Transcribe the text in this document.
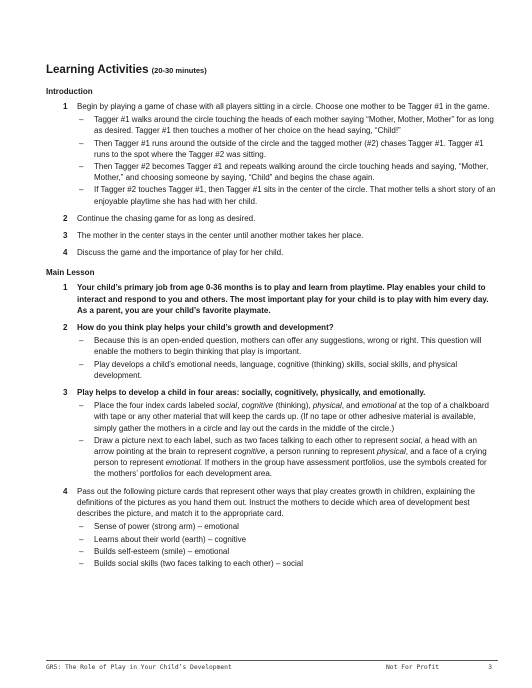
Learning Activities (20-30 minutes)
Introduction
1 Begin by playing a game of chase with all players sitting in a circle. Choose one mother to be Tagger #1 in the game.
– Tagger #1 walks around the circle touching the heads of each mother saying “Mother, Mother, Mother” for as long as desired. Tagger #1 then touches a mother of her choice on the head saying, “Child!”
– Then Tagger #1 runs around the outside of the circle and the tagged mother (#2) chases Tagger #1. Tagger #1 runs to the spot where the Tagger #2 was sitting.
– Then Tagger #2 becomes Tagger #1 and repeats walking around the circle touching heads and saying, “Mother, Mother,” and choosing someone by saying, “Child” and begins the chase again.
– If Tagger #2 touches Tagger #1, then Tagger #1 sits in the center of the circle. That mother tells a short story of an enjoyable playtime she has had with her child.
2 Continue the chasing game for as long as desired.
3 The mother in the center stays in the center until another mother takes her place.
4 Discuss the game and the importance of play for her child.
Main Lesson
1 Your child’s primary job from age 0-36 months is to play and learn from playtime. Play enables your child to interact and respond to you and others. The most important play for your child is to play with him every day. As a parent, you are your child’s favorite playmate.
2 How do you think play helps your child’s growth and development?
– Because this is an open-ended question, mothers can offer any suggestions, wrong or right. This question will enable the mothers to begin thinking that play is important.
– Play develops a child’s emotional needs, language, cognitive (thinking) skills, social skills, and physical development.
3 Play helps to develop a child in four areas: socially, cognitively, physically, and emotionally.
– Place the four index cards labeled social, cognitive (thinking), physical, and emotional at the top of a chalkboard with tape or any other material that will keep the cards up. (If no tape or other adhesive material is available, simply gather the mothers in a circle and lay out the cards in the middle of the circle.)
– Draw a picture next to each label, such as two faces talking to each other to represent social, a head with an arrow pointing at the brain to represent cognitive, a person running to represent physical, and a face of a crying person to represent emotional. If mothers in the group have assessment portfolios, use the symbols created for the mothers’ portfolios for each development area.
4 Pass out the following picture cards that represent other ways that play creates growth in children, explaining the definitions of the pictures as you hand them out. Instruct the mothers to decide which area of development best describes the picture, and match it to the appropriate card.
– Sense of power (strong arm) – emotional
– Learns about their world (earth) – cognitive
– Builds self-esteem (smile) – emotional
– Builds social skills (two faces talking to each other) – social
GR5: The Role of Play in Your Child’s Development	Not For Profit	3
